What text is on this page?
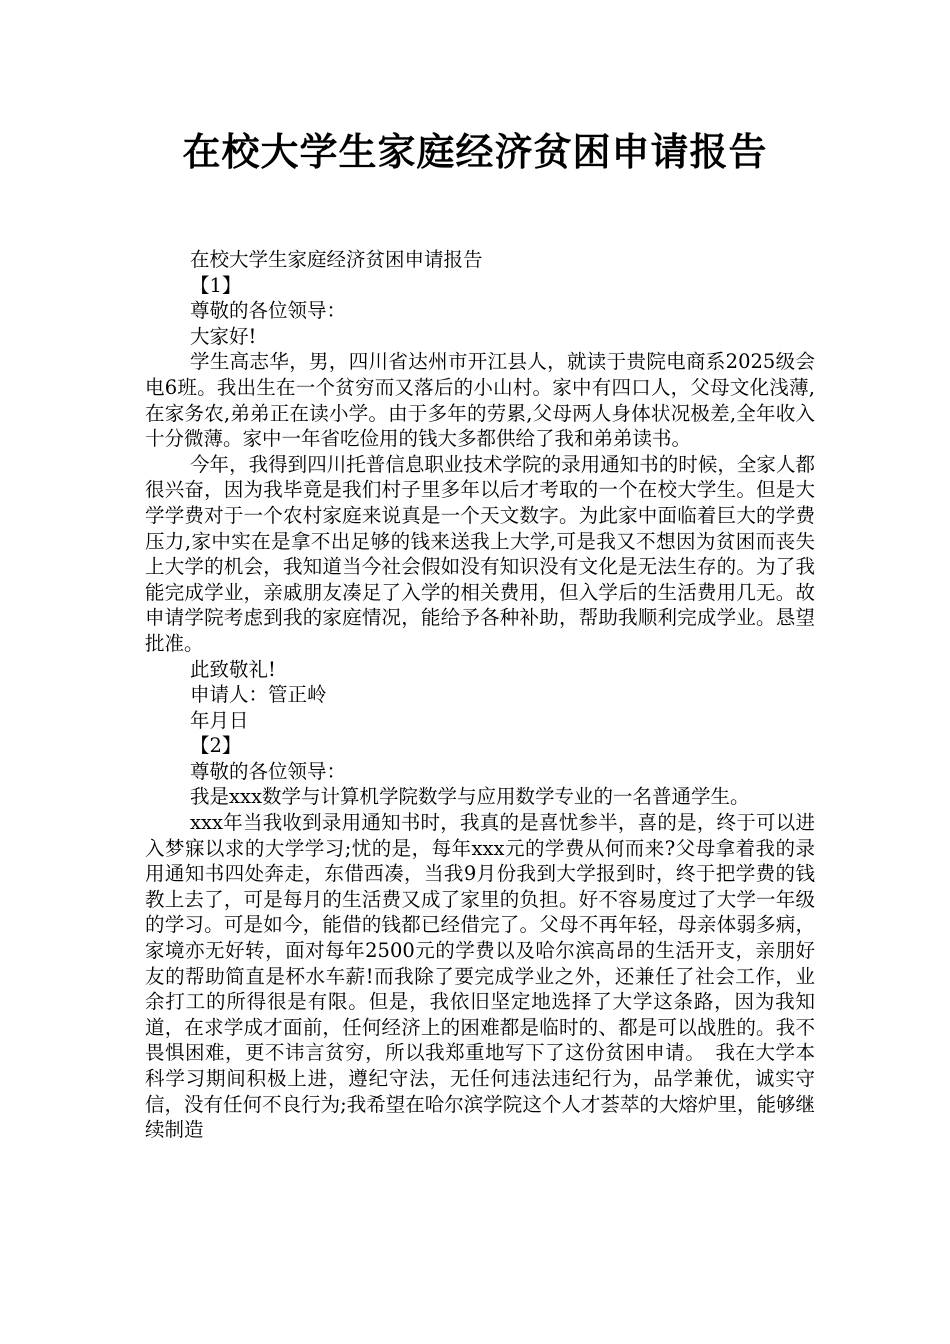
在校大学生家庭经济贫困申请报告

在校大学生家庭经济贫困申请报告

【1】

尊敬的各位领导：

大家好!

学生高志华，男，四川省达州市开江县人，就读于贵院电商系2025级会电6班。我出生在一个贫穷而又落后的小山村。家中有四口人，父母文化浅薄,在家务农,弟弟正在读小学。由于多年的劳累,父母两人身体状况极差,全年收入十分微薄。家中一年省吃俭用的钱大多都供给了我和弟弟读书。

今年，我得到四川托普信息职业技术学院的录用通知书的时候，全家人都很兴奋，因为我毕竟是我们村子里多年以后才考取的一个在校大学生。但是大学学费对于一个农村家庭来说真是一个天文数字。为此家中面临着巨大的学费压力,家中实在是拿不出足够的钱来送我上大学,可是我又不想因为贫困而丧失上大学的机会，我知道当今社会假如没有知识没有文化是无法生存的。为了我能完成学业，亲戚朋友凑足了入学的相关费用，但入学后的生活费用几无。故申请学院考虑到我的家庭情况，能给予各种补助，帮助我顺利完成学业。恳望批准。

此致敬礼!

申请人：管正岭

年月日

【2】

尊敬的各位领导：

我是xxx数学与计算机学院数学与应用数学专业的一名普通学生。

xxx年当我收到录用通知书时，我真的是喜忧参半，喜的是，终于可以进入梦寐以求的大学学习;忧的是，每年xxx元的学费从何而来?父母拿着我的录用通知书四处奔走，东借西凑，当我9月份我到大学报到时，终于把学费的钱教上去了，可是每月的生活费又成了家里的负担。好不容易度过了大学一年级的学习。可是如今，能借的钱都已经借完了。父母不再年轻，母亲体弱多病，家境亦无好转，面对每年2500元的学费以及哈尔滨高昂的生活开支，亲朋好友的帮助简直是杯水车薪!而我除了要完成学业之外，还兼任了社会工作，业余打工的所得很是有限。但是，我依旧坚定地选择了大学这条路，因为我知道，在求学成才面前，任何经济上的困难都是临时的、都是可以战胜的。我不畏惧困难，更不讳言贫穷，所以我郑重地写下了这份贫困申请。　我在大学本科学习期间积极上进，遵纪守法，无任何违法违纪行为，品学兼优，诚实守信，没有任何不良行为;我希望在哈尔滨学院这个人才荟萃的大熔炉里，能够继续制造
